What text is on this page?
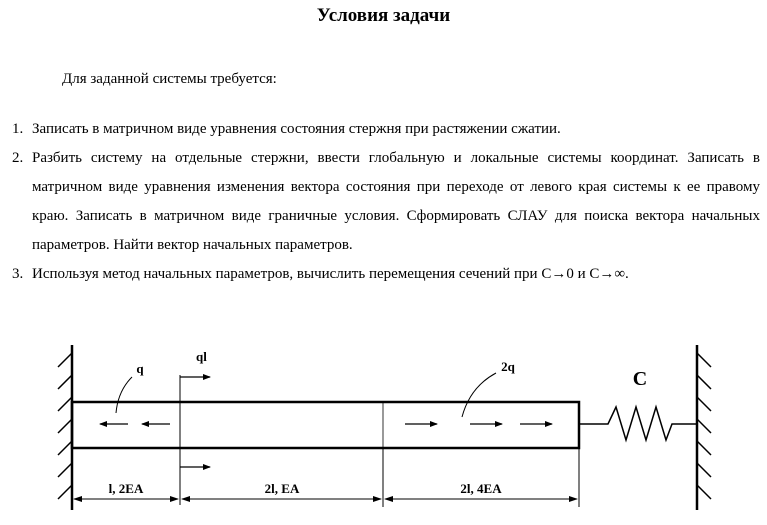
Условия задачи
Для заданной системы требуется:
1. Записать в матричном виде уравнения состояния стержня при растяжении сжатии.
2. Разбить систему на отдельные стержни, ввести глобальную и локальные системы координат. Записать в матричном виде уравнения изменения вектора состояния при переходе от левого края системы к ее правому краю. Записать в матричном виде граничные условия. Сформировать СЛАУ для поиска вектора начальных параметров. Найти вектор начальных параметров.
3. Используя метод начальных параметров, вычислить перемещения сечений при C→0 и C→∞.
C
q
ql
2q
l, 2EA	2l, EA	2l, 4EA
